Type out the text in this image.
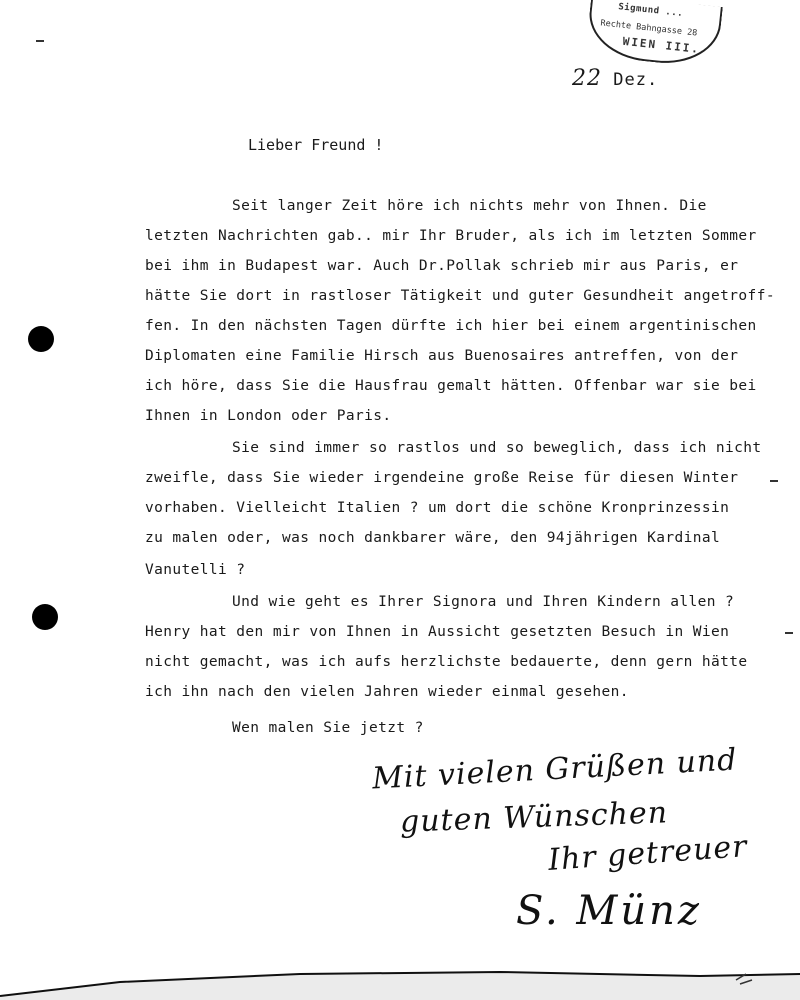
Sigmund ...
Rechte Bahngasse 28
WIEN III.
22 Dez.
Lieber Freund !
Seit langer Zeit höre ich nichts mehr von Ihnen. Die
letzten Nachrichten gab.. mir Ihr Bruder, als ich im letzten Sommer
bei ihm in Budapest war. Auch Dr.Pollak schrieb mir aus Paris, er
hätte Sie dort in rastloser Tätigkeit und guter Gesundheit angetroff-
fen. In den nächsten Tagen dürfte ich hier bei einem argentinischen
Diplomaten eine Familie Hirsch aus Buenosaires antreffen, von der
ich höre, dass Sie die Hausfrau gemalt hätten. Offenbar war sie bei
Ihnen in London oder Paris.
Sie sind immer so rastlos und so beweglich, dass ich nicht
zweifle, dass Sie wieder irgendeine große Reise für diesen Winter
vorhaben. Vielleicht Italien ? um dort die schöne Kronprinzessin
zu malen oder, was noch dankbarer wäre, den 94jährigen Kardinal
Vanutelli ?
Und wie geht es Ihrer Signora und Ihren Kindern allen ?
Henry hat den mir von Ihnen in Aussicht gesetzten Besuch in Wien
nicht gemacht, was ich aufs herzlichste bedauerte, denn gern hätte
ich ihn nach den vielen Jahren wieder einmal gesehen.
Wen malen Sie jetzt ?
Mit vielen Grüßen und
guten Wünschen
Ihr getreuer
S. Münz
